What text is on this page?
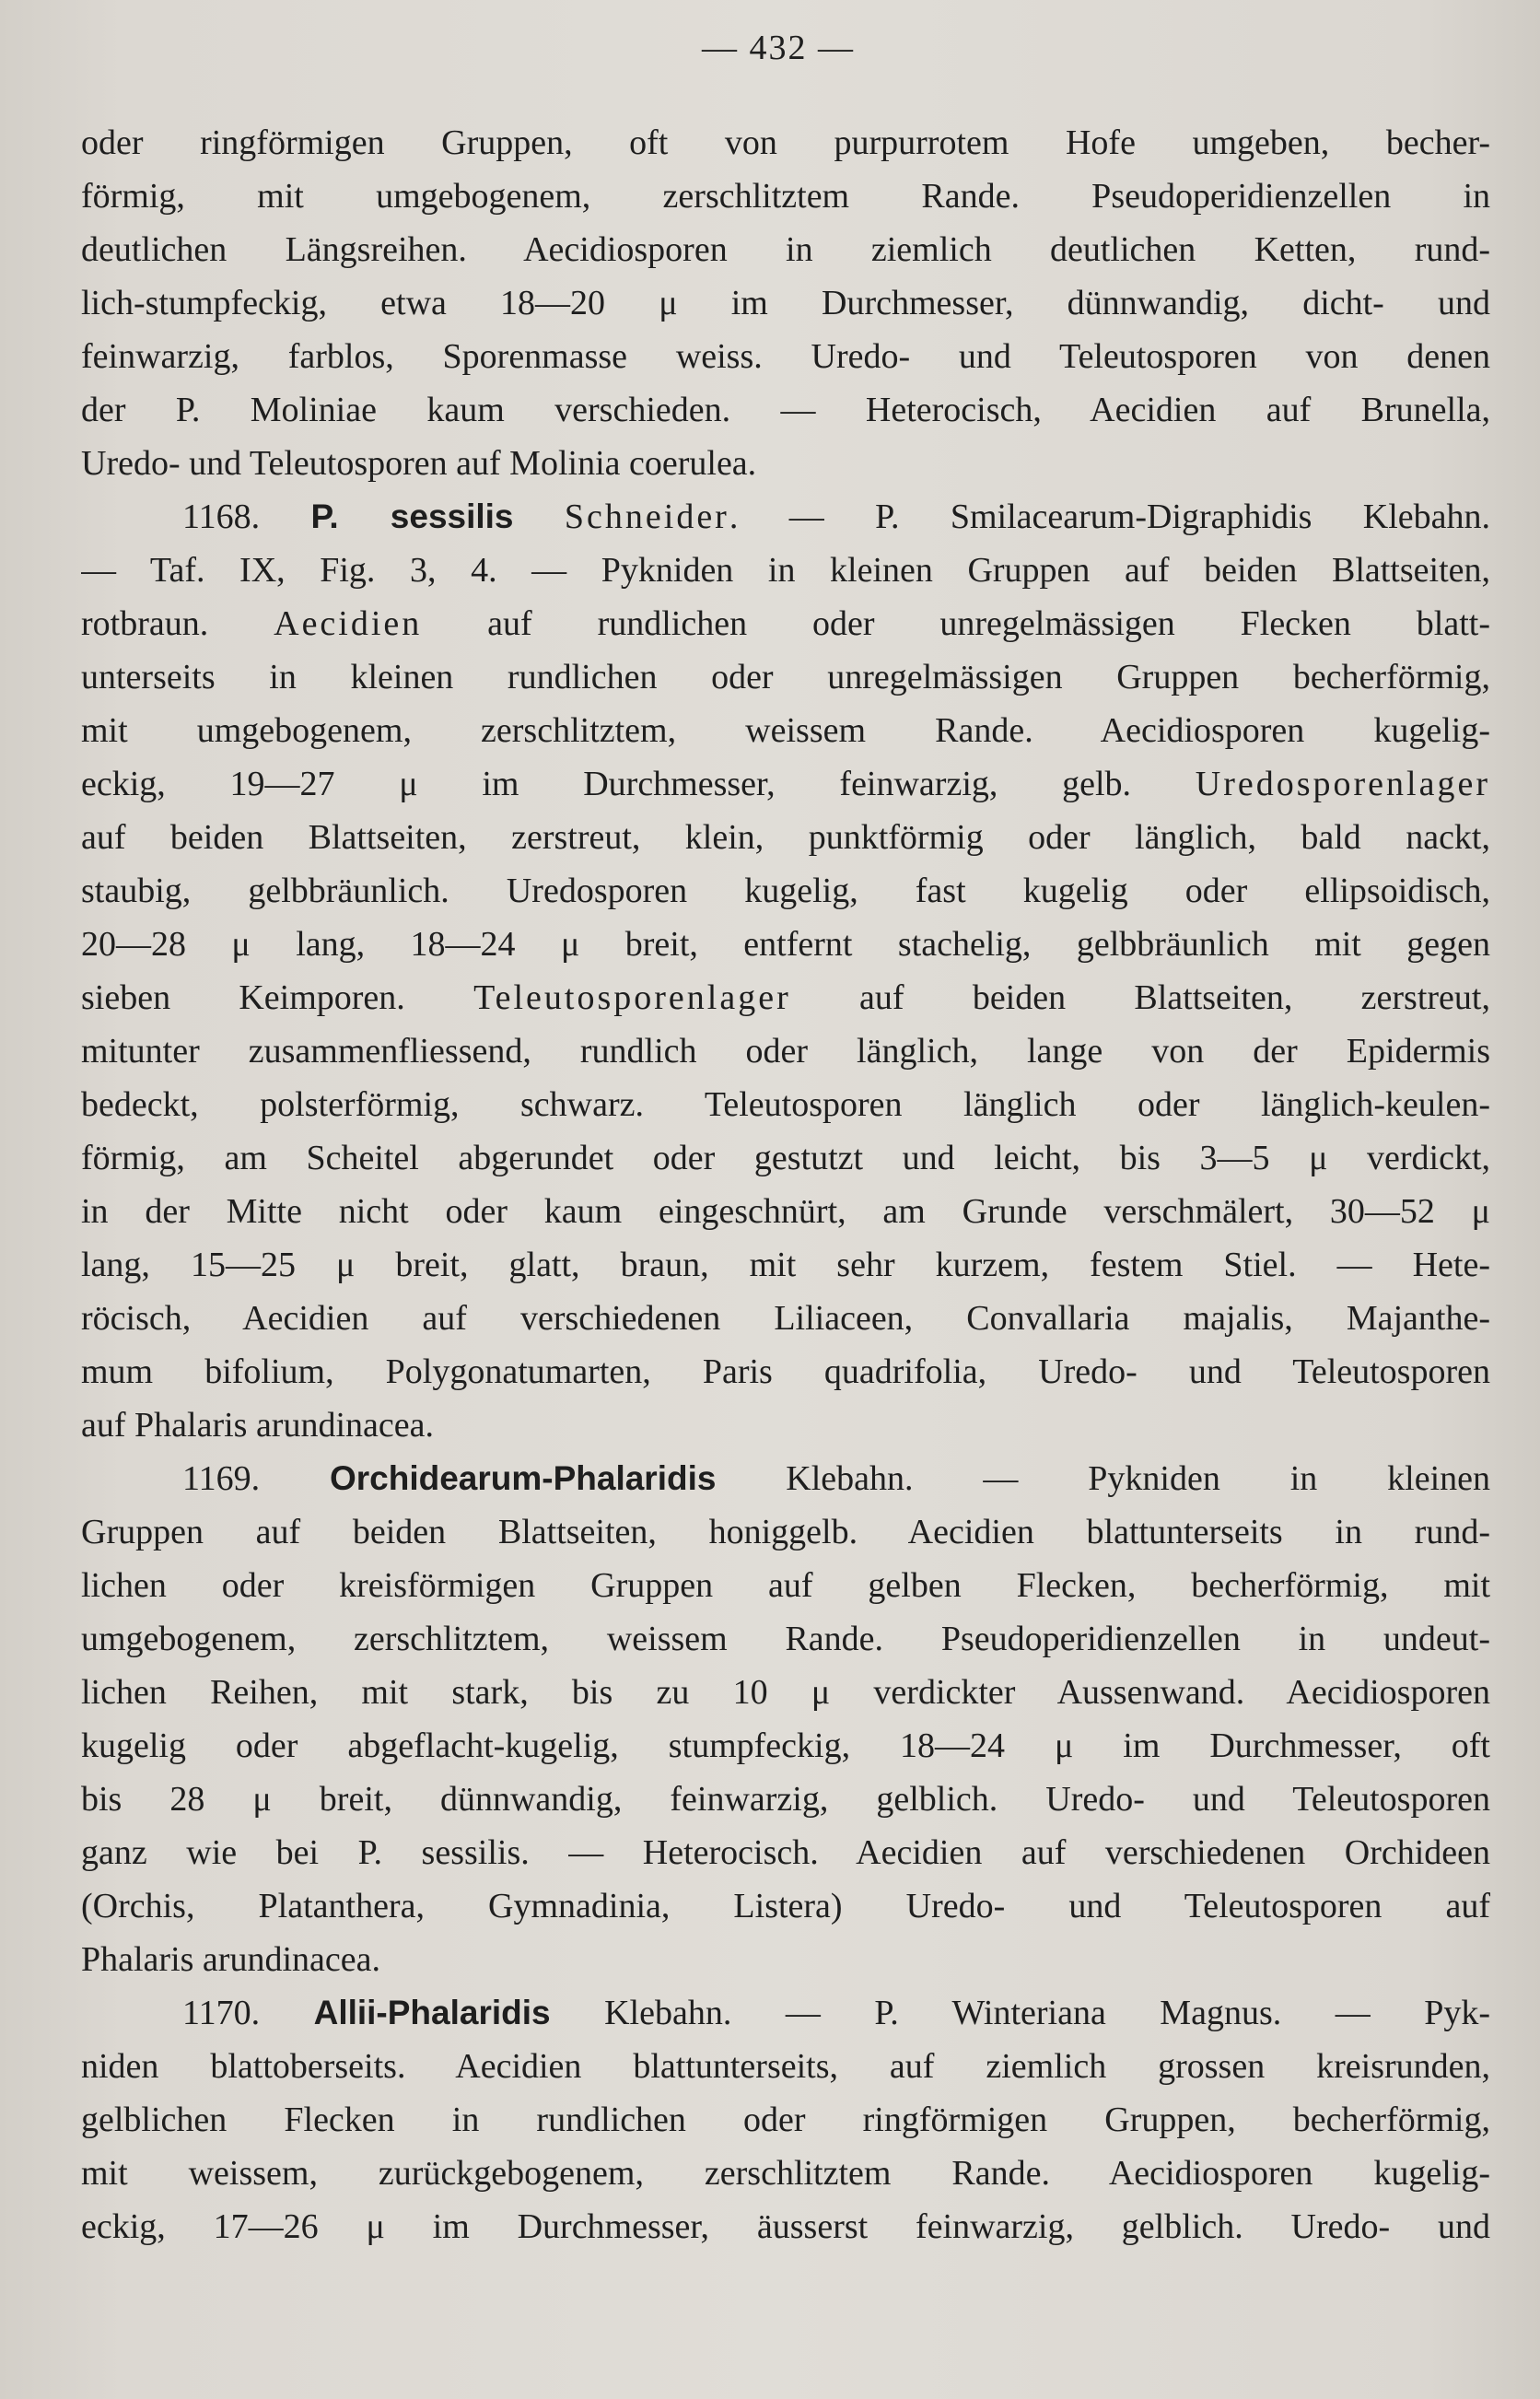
— 432 —
oder ringförmigen Gruppen, oft von purpurrotem Hofe umgeben, becher-
förmig, mit umgebogenem, zerschlitztem Rande. Pseudoperidienzellen in
deutlichen Längsreihen. Aecidiosporen in ziemlich deutlichen Ketten, rund-
lich-stumpfeckig, etwa 18—20 μ im Durchmesser, dünnwandig, dicht- und
feinwarzig, farblos, Sporenmasse weiss. Uredo- und Teleutosporen von denen
der P. Moliniae kaum verschieden. — Heterocisch, Aecidien auf Brunella,
Uredo- und Teleutosporen auf Molinia coerulea.
1168. P. sessilis Schneider. — P. Smilacearum-Digraphidis Klebahn.
— Taf. IX, Fig. 3, 4. — Pykniden in kleinen Gruppen auf beiden Blattseiten,
rotbraun. Aecidien auf rundlichen oder unregelmässigen Flecken blatt-
unterseits in kleinen rundlichen oder unregelmässigen Gruppen becherförmig,
mit umgebogenem, zerschlitztem, weissem Rande. Aecidiosporen kugelig-
eckig, 19—27 μ im Durchmesser, feinwarzig, gelb. Uredosporenlager
auf beiden Blattseiten, zerstreut, klein, punktförmig oder länglich, bald nackt,
staubig, gelbbräunlich. Uredosporen kugelig, fast kugelig oder ellipsoidisch,
20—28 μ lang, 18—24 μ breit, entfernt stachelig, gelbbräunlich mit gegen
sieben Keimporen. Teleutosporenlager auf beiden Blattseiten, zerstreut,
mitunter zusammenfliessend, rundlich oder länglich, lange von der Epidermis
bedeckt, polsterförmig, schwarz. Teleutosporen länglich oder länglich-keulen-
förmig, am Scheitel abgerundet oder gestutzt und leicht, bis 3—5 μ verdickt,
in der Mitte nicht oder kaum eingeschnürt, am Grunde verschmälert, 30—52 μ
lang, 15—25 μ breit, glatt, braun, mit sehr kurzem, festem Stiel. — Hete-
röcisch, Aecidien auf verschiedenen Liliaceen, Convallaria majalis, Majanthe-
mum bifolium, Polygonatumarten, Paris quadrifolia, Uredo- und Teleutosporen
auf Phalaris arundinacea.
1169. Orchidearum-Phalaridis Klebahn. — Pykniden in kleinen
Gruppen auf beiden Blattseiten, honiggelb. Aecidien blattunterseits in rund-
lichen oder kreisförmigen Gruppen auf gelben Flecken, becherförmig, mit
umgebogenem, zerschlitztem, weissem Rande. Pseudoperidienzellen in undeut-
lichen Reihen, mit stark, bis zu 10 μ verdickter Aussenwand. Aecidiosporen
kugelig oder abgeflacht-kugelig, stumpfeckig, 18—24 μ im Durchmesser, oft
bis 28 μ breit, dünnwandig, feinwarzig, gelblich. Uredo- und Teleutosporen
ganz wie bei P. sessilis. — Heterocisch. Aecidien auf verschiedenen Orchideen
(Orchis, Platanthera, Gymnadinia, Listera) Uredo- und Teleutosporen auf
Phalaris arundinacea.
1170. Allii-Phalaridis Klebahn. — P. Winteriana Magnus. — Pyk-
niden blattoberseits. Aecidien blattunterseits, auf ziemlich grossen kreisrunden,
gelblichen Flecken in rundlichen oder ringförmigen Gruppen, becherförmig,
mit weissem, zurückgebogenem, zerschlitztem Rande. Aecidiosporen kugelig-
eckig, 17—26 μ im Durchmesser, äusserst feinwarzig, gelblich. Uredo- und
